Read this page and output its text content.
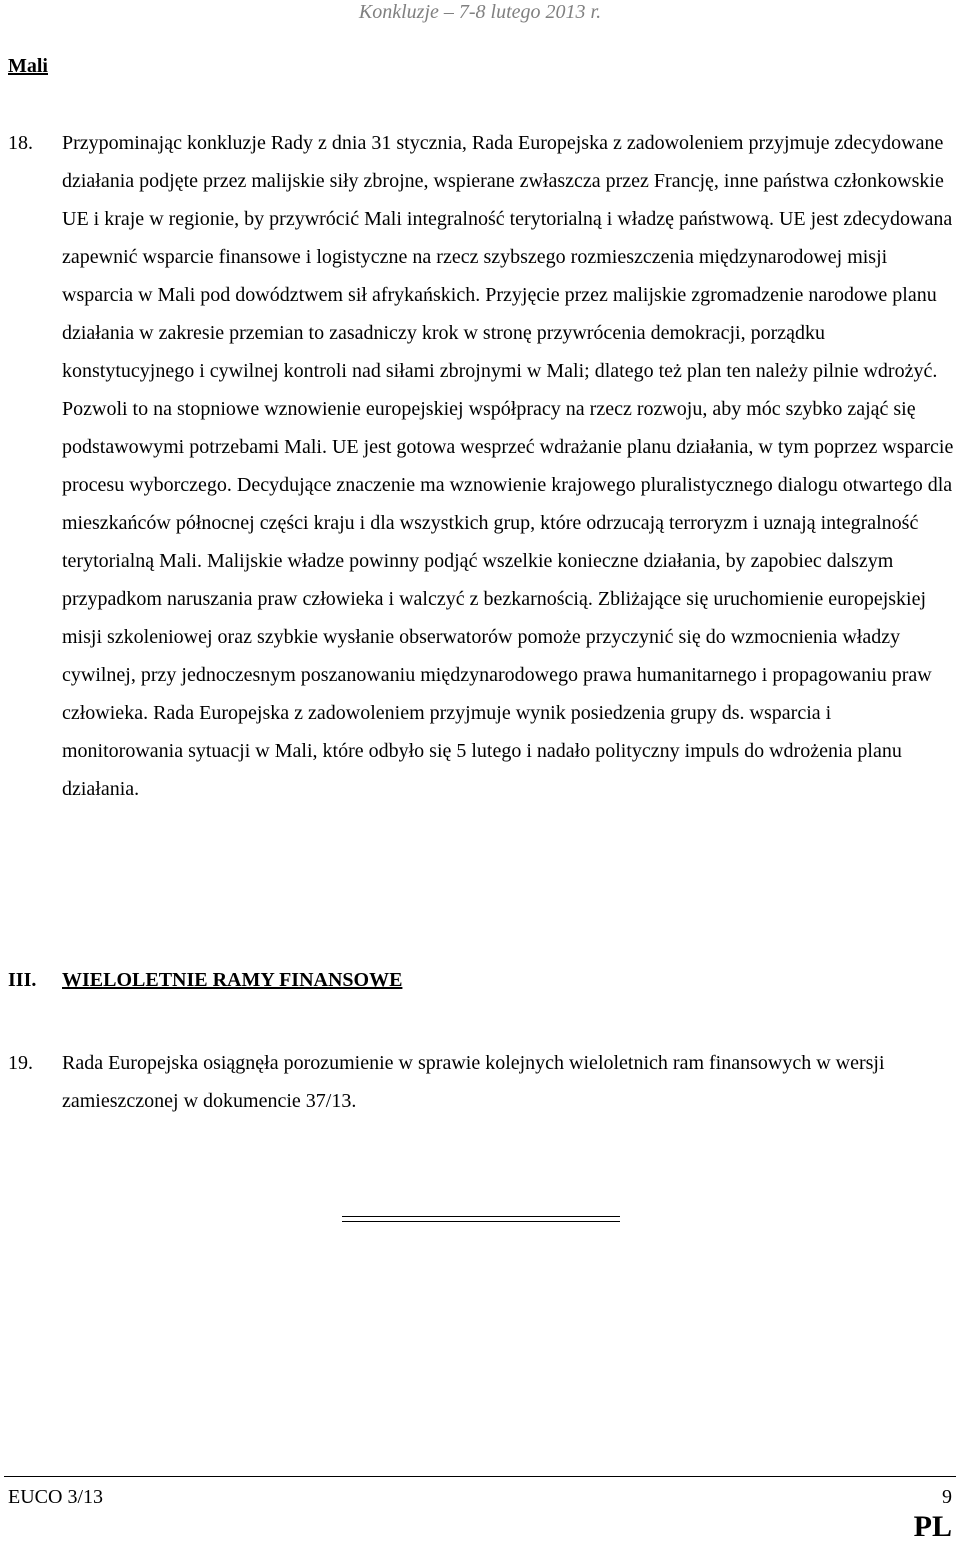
Konkluzje – 7-8 lutego 2013 r.
Mali
18. Przypominając konkluzje Rady z dnia 31 stycznia, Rada Europejska z zadowoleniem przyjmuje zdecydowane działania podjęte przez malijskie siły zbrojne, wspierane zwłaszcza przez Francję, inne państwa członkowskie UE i kraje w regionie, by przywrócić Mali integralność terytorialną i władzę państwową. UE jest zdecydowana zapewnić wsparcie finansowe i logistyczne na rzecz szybszego rozmieszczenia międzynarodowej misji wsparcia w Mali pod dowództwem sił afrykańskich. Przyjęcie przez malijskie zgromadzenie narodowe planu działania w zakresie przemian to zasadniczy krok w stronę przywrócenia demokracji, porządku konstytucyjnego i cywilnej kontroli nad siłami zbrojnymi w Mali; dlatego też plan ten należy pilnie wdrożyć. Pozwoli to na stopniowe wznowienie europejskiej współpracy na rzecz rozwoju, aby móc szybko zająć się podstawowymi potrzebami Mali. UE jest gotowa wesprzeć wdrażanie planu działania, w tym poprzez wsparcie procesu wyborczego. Decydujące znaczenie ma wznowienie krajowego pluralistycznego dialogu otwartego dla mieszkańców północnej części kraju i dla wszystkich grup, które odrzucają terroryzm i uznają integralność terytorialną Mali. Malijskie władze powinny podjąć wszelkie konieczne działania, by zapobiec dalszym przypadkom naruszania praw człowieka i walczyć z bezkarnością. Zbliżające się uruchomienie europejskiej misji szkoleniowej oraz szybkie wysłanie obserwatorów pomoże przyczynić się do wzmocnienia władzy cywilnej, przy jednoczesnym poszanowaniu międzynarodowego prawa humanitarnego i propagowaniu praw człowieka. Rada Europejska z zadowoleniem przyjmuje wynik posiedzenia grupy ds. wsparcia i monitorowania sytuacji w Mali, które odbyło się 5 lutego i nadało polityczny impuls do wdrożenia planu działania.
III. WIELOLETNIE RAMY FINANSOWE
19. Rada Europejska osiągnęła porozumienie w sprawie kolejnych wieloletnich ram finansowych w wersji zamieszczonej w dokumencie 37/13.
EUCO 3/13	9
PL
